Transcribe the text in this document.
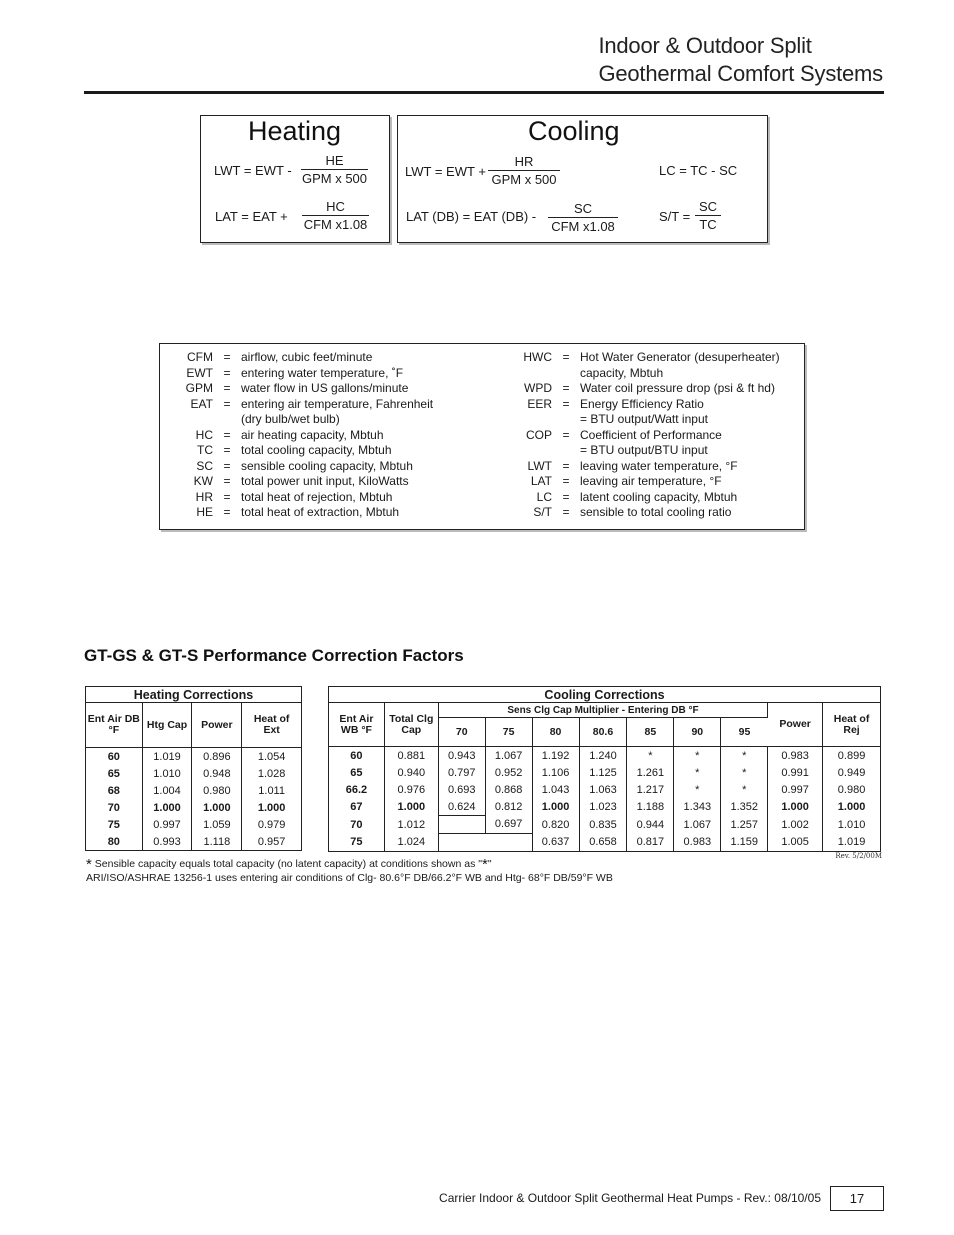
Indoor & Outdoor Split
Geothermal Comfort Systems
Heating
LWT = EWT -
HE
GPM x 500
LAT = EAT +
HC
CFM x1.08
Cooling
LWT = EWT +
HR
GPM x 500
LC = TC - SC
LAT (DB) = EAT (DB) -
SC
CFM x1.08
$S/T = \frac{SC}{TC}$
CFM = airflow, cubic feet/minute
EWT = entering water temperature, ˚F
GPM = water flow in US gallons/minute
EAT = entering air temperature, Fahrenheit
(dry bulb/wet bulb)
HC = air heating capacity, Mbtuh
TC = total cooling capacity, Mbtuh
SC = sensible cooling capacity, Mbtuh
KW = total power unit input, KiloWatts
HR = total heat of rejection, Mbtuh
HE = total heat of extraction, Mbtuh
HWC = Hot Water Generator (desuperheater)
capacity, Mbtuh
WPD = Water coil pressure drop (psi & ft hd)
EER = Energy Efficiency Ratio
= BTU output/Watt input
COP = Coefficient of Performance
= BTU output/BTU input
LWT = leaving water temperature, °F
LAT = leaving air temperature, °F
LC = latent cooling capacity, Mbtuh
S/T = sensible to total cooling ratio
GT-GS & GT-S Performance Correction Factors
Heating Corrections			
Ent Air DB
°F	Htg Cap	Power	Heat of
Ext
60	1.019	0.896	1.054
65	1.010	0.948	1.028
68	1.004	0.980	1.011
70	1.000	1.000	1.000
75	0.997	1.059	0.979
80	0.993	1.118	0.957
Cooling Corrections										
Ent Air
WB °F	Total Clg
Cap	Sens Clg Cap Multiplier - Entering DB °F							Power	Heat of
Rej
		70	75	80	80.6	85	90	95		
60	0.881	0.943	1.067	1.192	1.240	*	*	*	0.983	0.899
65	0.940	0.797	0.952	1.106	1.125	1.261	*	*	0.991	0.949
66.2	0.976	0.693	0.868	1.043	1.063	1.217	*	*	0.997	0.980
67	1.000	0.624	0.812	1.000	1.023	1.188	1.343	1.352	1.000	1.000
70	1.012		0.697	0.820	0.835	0.944	1.067	1.257	1.002	1.010
75	1.024			0.637	0.658	0.817	0.983	1.159	1.005	1.019
* Sensible capacity equals total capacity (no latent capacity) at conditions shown as "*"
ARI/ISO/ASHRAE 13256-1 uses entering air conditions of Clg- 80.6°F DB/66.2°F WB and Htg- 68°F DB/59°F WB
Rev. 5/2/00M
Carrier Indoor & Outdoor Split Geothermal Heat Pumps - Rev.: 08/10/05	17
